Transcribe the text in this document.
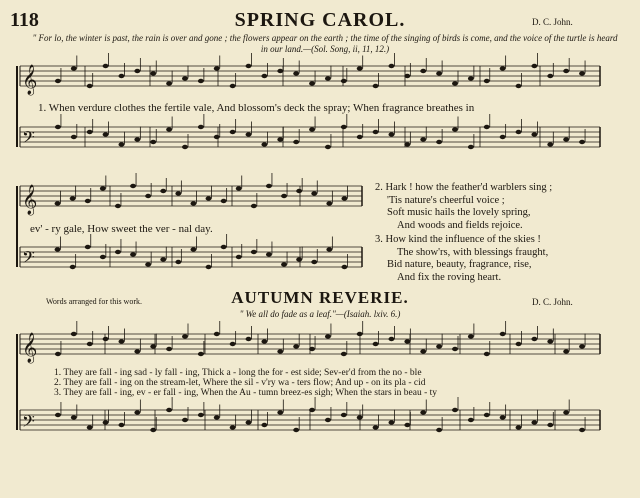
𝄞
𝄢
𝄞
𝄢
𝄞
𝄢
118	SPRING CAROL.	D. C. John.
" For lo, the winter is past, the rain is over and gone ; the flowers appear on the earth ; the time of the singing of birds is come, and the voice of the turtle is heard in our land.—(Sol. Song, ii, 11, 12.)
1. When verdure clothes the fertile vale, And blossom's deck the spray; When fragrance breathes in
ev' - ry gale, How sweet the ver - nal day.
2. Hark ! how the feather'd warblers sing ;
'Tis nature's cheerful voice ;
Soft music hails the lovely spring,
And woods and fields rejoice.
3. How kind the influence of the skies !
The show'rs, with blessings fraught,
Bid nature, beauty, fragrance, rise,
And fix the roving heart.
Words arranged for this work.	AUTUMN REVERIE.	D. C. John.
" We all do fade as a leaf."—(Isaiah. lxiv. 6.)
1. They are fall - ing sad - ly fall - ing, Thick a - long the for - est side; Sev-er'd from the no - ble
2. They are fall - ing on the stream-let, Where the sil - v'ry wa - ters flow; And up - on its pla - cid
3. They are fall - ing, ev - er fall - ing, When the Au - tumn breez-es sigh; When the stars in beau - ty
